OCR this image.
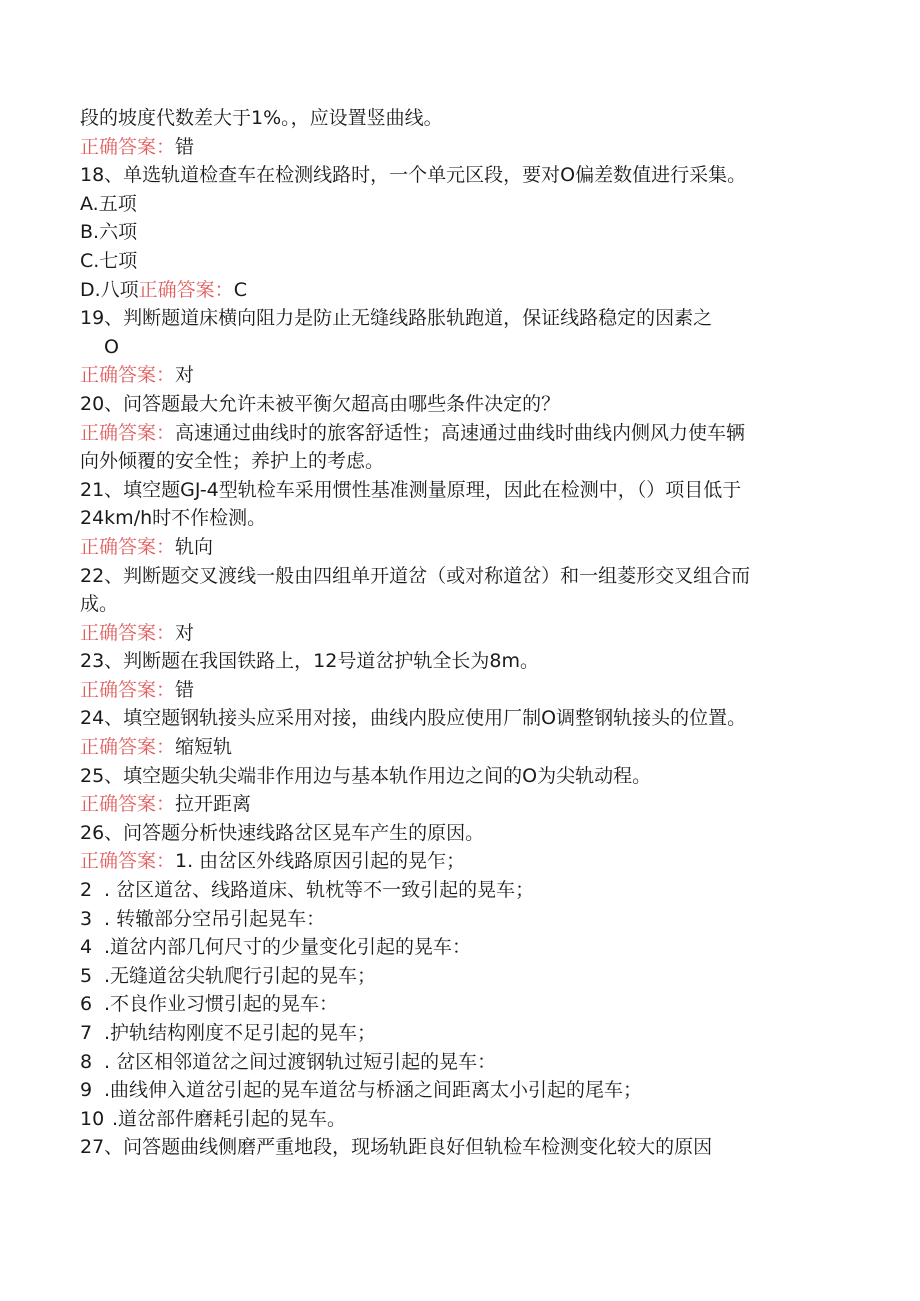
段的坡度代数差大于1%。，应设置竖曲线。
正确答案：错
18、单选轨道检查车在检测线路时，一个单元区段，要对O偏差数值进行采集。
A.五项
B.六项
C.七项
D.八项正确答案：C
19、判断题道床横向阻力是防止无缝线路胀轨跑道，保证线路稳定的因素之
O
正确答案：对
20、问答题最大允许未被平衡欠超高由哪些条件决定的？
正确答案：高速通过曲线时的旅客舒适性；高速通过曲线时曲线内侧风力使车辆
向外倾覆的安全性；养护上的考虑。
21、填空题GJ-4型轨检车采用惯性基准测量原理，因此在检测中，（）项目低于
24km/h时不作检测。
正确答案：轨向
22、判断题交叉渡线一般由四组单开道岔（或对称道岔）和一组菱形交叉组合而
成。
正确答案：对
23、判断题在我国铁路上，12号道岔护轨全长为8m。
正确答案：错
24、填空题钢轨接头应采用对接，曲线内股应使用厂制O调整钢轨接头的位置。
正确答案：缩短轨
25、填空题尖轨尖端非作用边与基本轨作用边之间的O为尖轨动程。
正确答案：拉开距离
26、问答题分析快速线路岔区晃车产生的原因。
正确答案：1. 由岔区外线路原因引起的晃乍；
2 . 岔区道岔、线路道床、轨枕等不一致引起的晃车；
3 . 转辙部分空吊引起晃车：
4 .道岔内部几何尺寸的少量变化引起的晃车：
5 .无缝道岔尖轨爬行引起的晃车；
6 .不良作业习惯引起的晃车：
7 .护轨结构刚度不足引起的晃车；
8 . 岔区相邻道岔之间过渡钢轨过短引起的晃车：
9 .曲线伸入道岔引起的晃车道岔与桥涵之间距离太小引起的尾车；
10 .道岔部件磨耗引起的晃车。
27、问答题曲线侧磨严重地段，现场轨距良好但轨检车检测变化较大的原因
